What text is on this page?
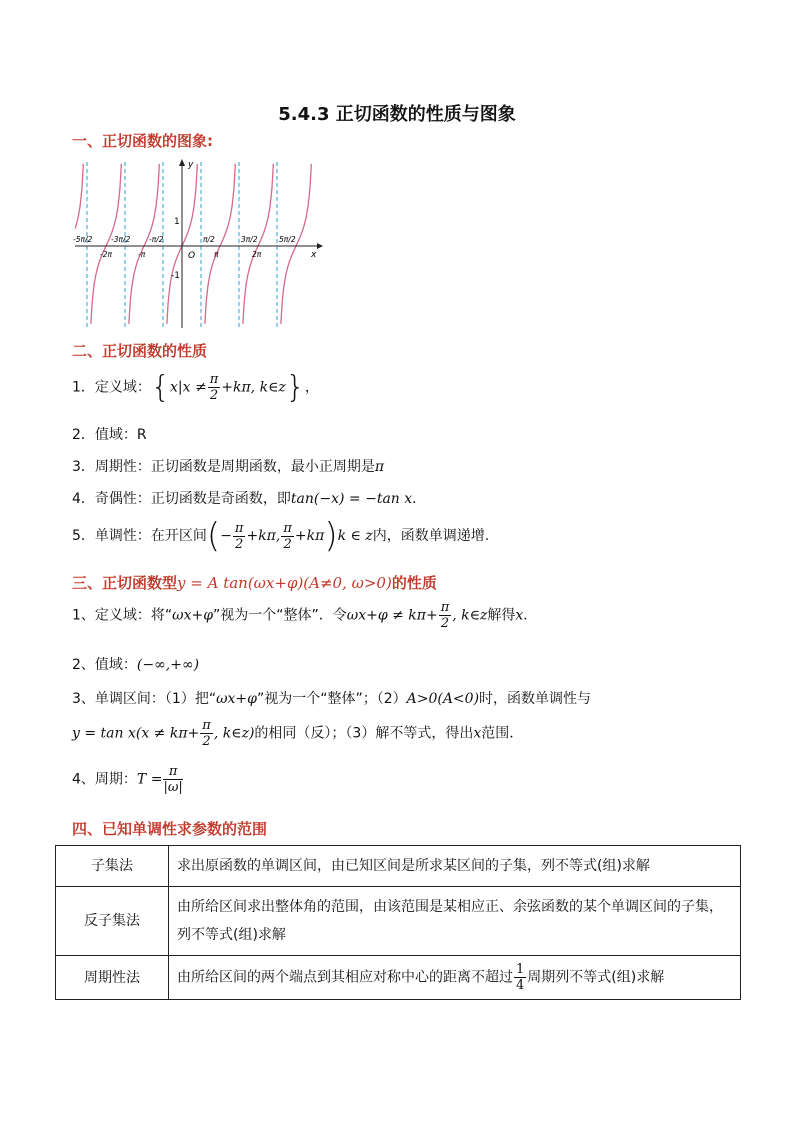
5.4.3 正切函数的性质与图象
一、正切函数的图象:
y
x
O
1
-1
-5π/2 -3π/2 -π/2	π/2	3π/2	5π/2
-2π	-π	π	2π
二、正切函数的性质
1．定义域：{$x|x \ne \frac{\pi}{2} +k\pi$, k∈z}，
2．值域：R
3．周期性：正切函数是周期函数，最小正周期是π
4．奇偶性：正切函数是奇函数，即tan(−x) = −tan x．
5．单调性：在开区间(− $\frac{\pi}{2} +k\pi$, $\frac{\pi}{2} +k\pi)k$ ∈ z内，函数单调递增.
三、正切函数型y = A tan(ωx+φ)(A≠0, ω>0)的性质
1、定义域：将“ωx+φ”视为一个“整体”．令$\omega x+\varphi \ne k\pi+ \frac{\pi}{2}$ , k∈z解得x．
2、值域：(−∞,+∞)
3、单调区间：（1）把“ωx+φ”视为一个“整体”；（2）A>0(A<0)时，函数单调性与
$y = \tan x(x \ne k\pi+ \frac{\pi}{2}$ , k∈z)的相同（反）；（3）解不等式，得出x范围．
4、周期：$T = \frac{\pi}{|\omega|}$
四、已知单调性求参数的范围
子集法	求出原函数的单调区间，由已知区间是所求某区间的子集，列不等式(组)求解
反子集法	由所给区间求出整体角的范围，由该范围是某相应正、余弦函数的某个单调区间的子集，列不等式(组)求解
周期性法	由所给区间的两个端点到其相应对称中心的距离不超过 $\frac{1}{4}$ 周期列不等式(组)求解
